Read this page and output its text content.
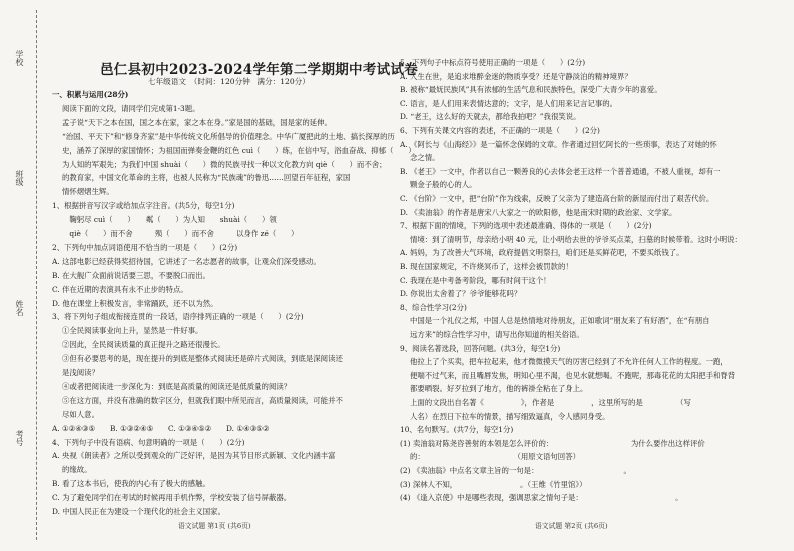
学校
班级
姓名
考号
邑仁县初中2023-2024学年第二学期期中考试试卷
七年级语文　（时间：120分钟　满分：120分）
一、积累与运用(28分)
阅读下面的文段，请同学们完成第1-3题。
孟子说“天下之本在国，国之本在家，家之本在身。”家是国的基础，国是家的延伸。
“治国、平天下”和“修身齐家”是中华传统文化所倡导的价值理念。中华广厦把此的土地、搞长探厚的历
史，涵养了深厚的家国情怀；为祖国而弹奏金鞭的红色 cuì（　　）练，在信中写，浴血奋战、抑郁（　　）
为人知的军艰先；为我们中国 shuài（　　）微的民族寻找一种以文化教方向 qiè（　　）而不舍；
的教育家，中国文化革命的主将，也被人民称为“民族魂”的鲁迅……回望百年征程，家国
情怀熠熠生辉。
1、根据拼音写汉字或给加点字注音。(共5分，每空1分)
　鞠躬尽 cuì（　　）　　粼（　　）为人知　　shuài（　　）领
　qiè（　　）而不舍　　　殒（　　）而不舍　　　以身作 zé（　　）
2、下列句中加点词语使用不恰当的一项是（　　）(2分)
A. 这部电影已经获得奖招待国，它讲述了一名志愿者的故事，让观众们深受感动。
B. 在大舰广众面前说话要三思，不要脱口而出。
C. 伴在近期的表演具有永不止步的特点。
D. 他在课堂上积极发言，非常踊跃，还不以为然。
3、将下列句子组成衔接连贯的一段话，语序排列正确的一项是（　　）(2分)
①全民阅读事业向上升，显然是一件好事。
②因此，全民阅读质量的真正提升之路还很漫长。
③但有必要思考的是，现在提升的到底是整体式阅读还是碎片式阅读，到底是深阅读还
是浅阅读？
④或者把阅读进一步深化为：到底是高质量的阅读还是低质量的阅读？
⑤在这方面，并没有准确的数字区分，但就我们眼中所见而言，高质量阅读，可能并不
尽如人意。
A. ①②④③⑤　　B. ①③②④⑤　　C. ①③④⑤②　　D. ①④③⑤②
4、下列句子中没有语病、句意明确的一项是（　　）(2分)
A. 央视《朗读者》之所以受到观众的广泛好评，是因为其节目形式新颖、文化内涵丰富
的缘故。
B. 看了这本书后，使我的内心有了极大的感触。
C. 为了避免同学们在考试的时候再用手机作弊，学校安装了信号屏蔽器。
D. 中国人民正在为建设一个现代化的社会主义国家。
5、下列句子中标点符号使用正确的一项是（　　）(2分)
A. 人生在世，是追求堆醉金迷的物质享受？还是守静淡泊的精神境界？
B. 被称“最妩民族风”具有浓郁的生活气息和民族特色，深受广大青少年的喜爱。
C. 语言，是人们用来表情达意的；文字，是人们用来记言记事的。
D. “老王，这么好的天就去，都给我拍吧？”我很笑说。
6、下列有关课文内容的表述，不正确的一项是（　　）(2分)
A. 《阿长与《山海经》》是一篇怀念保姆的文章。作者通过回忆阿长的一些琐事，表达了对她的怀
念之情。
B. 《老王》一文中，作者以自己一颗善良的心去体会老王这样一个普普通通，不被人重视，却有一
颗金子般的心的人。
C. 《台阶》一文中，把“台阶”作为线索，反映了父亲为了建造高台阶的新屋而付出了艰苦代价。
D. 《卖油翁》的作者是唐宋八大家之一的欧阳修，他是南宋时期的政治家、文学家。
7、根据下面的情境，下列的选项中表述最准确、得体的一项是（　　）(2分)
情境：到了清明节，母亲给小明 40 元，让小明给去世的爷爷买点菜，扫墓的时候带着。这时小明说：
A. 妈妈，为了改善大气环境，政府提倡文明祭扫，咱们还是买鲜花吧，不要买纸钱了。
B. 现在国家规定，不许烧冥币了，这样会被罚款的！
C. 我现在是中考备考阶段，哪有时间干这个！
D. 你说出太舍着了？爷爷能够花吗？
8、综合性学习(2分)
中国是一个礼仪之邦，中国人总是热情地对待朋友，正如歌词“朋友来了有好酒”，在“有朋自
远方来”的综合性学习中，请写出你知道的相关俗语。
9、阅读名著选段，回答问题。(共3分，每空1分)
他拉上了个买卖，把车拉起来，他才微微摸天气的厉害已经到了不允许任何人工作的程度。一跑，
便喘不过气来，而且嘴唇发焦，明知心里不渴，也见水就想喝。不跑呢，那毒花花的太阳把手和脊背
都要晒裂。好歹拉到了地方，他的裤褂全粘在了身上。
上面的文段出自名著《　　　　　》，作者是　　　　　，这里所写的是　　　　　（写
人名）在烈日下拉车的情景，描写细致逼真，令人感同身受。
10、名句默写。(共7分，每空1分)
(1) 卖油翁对陈尧咨善射的本领是怎么评价的：　　　　　　　　　　　为什么要作出这样评价
的：　　　　　　　　　　　　　（用原文语句回答）
(2) 《卖油翁》中点名文章主旨的一句是：　　　　　　　　　　　　。
(3) 深林人不知，　　　　　　　　　。（王维《竹里馆》）
(4) 《逢入京使》中是哪些表现，强调思家之情句子是：　　　　　　　　　　　　　。
语文试题 第1页 (共6页)	语文试题 第2页 (共6页)
